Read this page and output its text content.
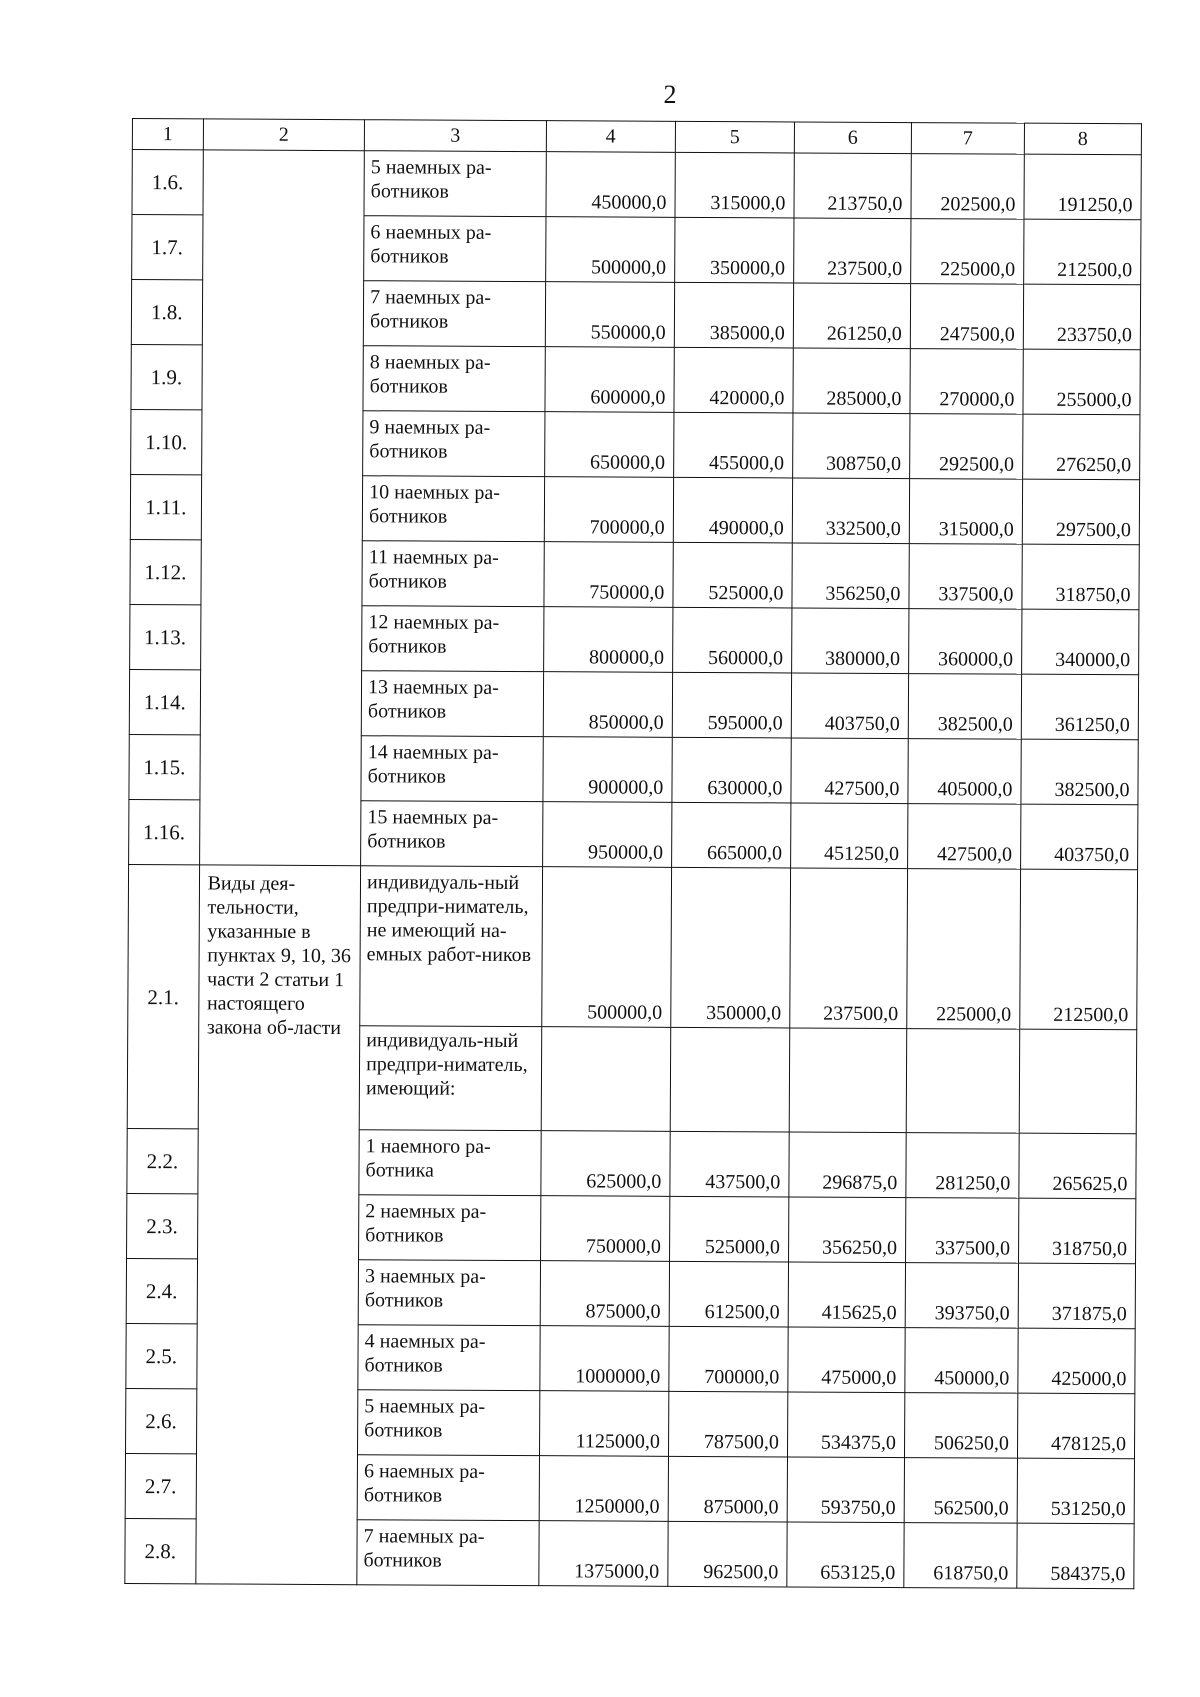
2
1	2	3	4	5	6	7	8
1.6.		5 наемных ра-ботников	450000,0	315000,0	213750,0	202500,0	191250,0
1.7.		6 наемных ра-ботников	500000,0	350000,0	237500,0	225000,0	212500,0
1.8.		7 наемных ра-ботников	550000,0	385000,0	261250,0	247500,0	233750,0
1.9.		8 наемных ра-ботников	600000,0	420000,0	285000,0	270000,0	255000,0
1.10.		9 наемных ра-ботников	650000,0	455000,0	308750,0	292500,0	276250,0
1.11.		10 наемных ра-ботников	700000,0	490000,0	332500,0	315000,0	297500,0
1.12.		11 наемных ра-ботников	750000,0	525000,0	356250,0	337500,0	318750,0
1.13.		12 наемных ра-ботников	800000,0	560000,0	380000,0	360000,0	340000,0
1.14.		13 наемных ра-ботников	850000,0	595000,0	403750,0	382500,0	361250,0
1.15.		14 наемных ра-ботников	900000,0	630000,0	427500,0	405000,0	382500,0
1.16.		15 наемных ра-ботников	950000,0	665000,0	451250,0	427500,0	403750,0
2.1.	Виды дея-тельности, указанные в пунктах 9, 10, 36 части 2 статьи 1 настоящего закона об-ласти	индивидуаль-ный предпри-ниматель, не имеющий на-емных работ-ников	500000,0	350000,0	237500,0	225000,0	212500,0
		индивидуаль-ный предпри-ниматель, имеющий:					
2.2.		1 наемного ра-ботника	625000,0	437500,0	296875,0	281250,0	265625,0
2.3.		2 наемных ра-ботников	750000,0	525000,0	356250,0	337500,0	318750,0
2.4.		3 наемных ра-ботников	875000,0	612500,0	415625,0	393750,0	371875,0
2.5.		4 наемных ра-ботников	1000000,0	700000,0	475000,0	450000,0	425000,0
2.6.		5 наемных ра-ботников	1125000,0	787500,0	534375,0	506250,0	478125,0
2.7.		6 наемных ра-ботников	1250000,0	875000,0	593750,0	562500,0	531250,0
2.8.		7 наемных ра-ботников	1375000,0	962500,0	653125,0	618750,0	584375,0
